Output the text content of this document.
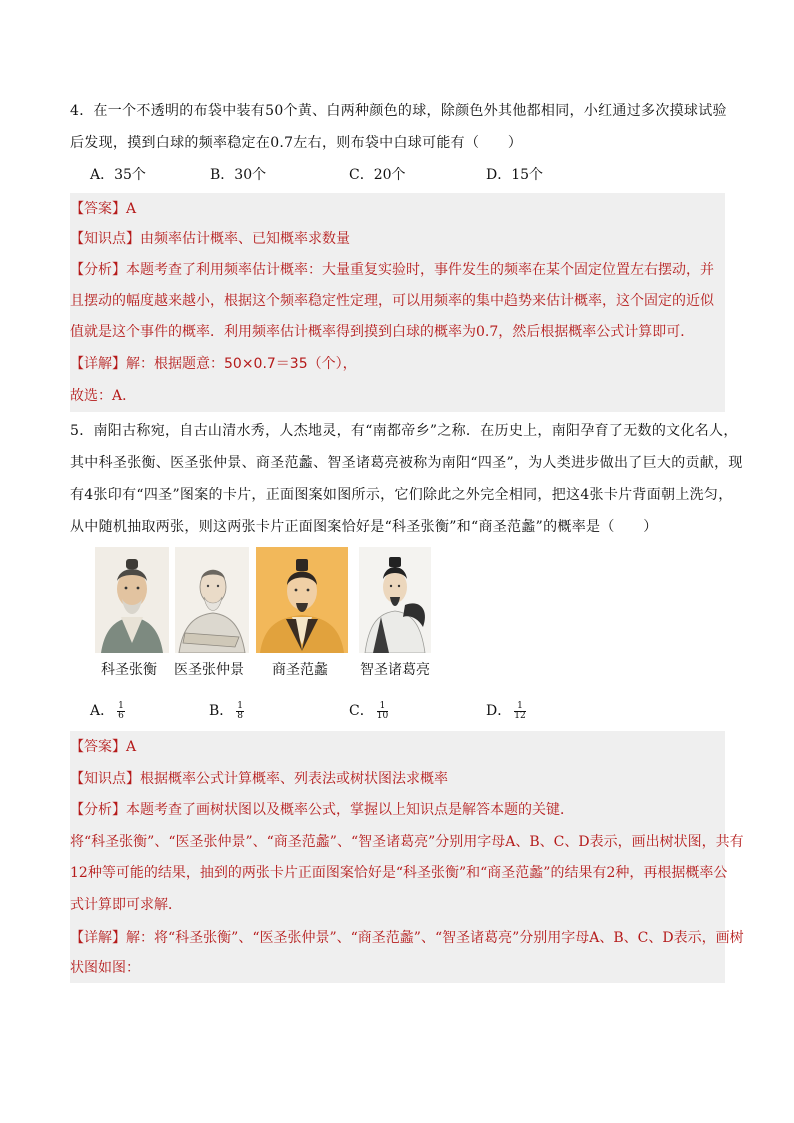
4．在一个不透明的布袋中装有50个黄、白两种颜色的球，除颜色外其他都相同，小红通过多次摸球试验
后发现，摸到白球的频率稳定在0.7左右，则布袋中白球可能有（　　）
A．35个	B．30个	C．20个	D．15个
【答案】A
【知识点】由频率估计概率、已知概率求数量
【分析】本题考查了利用频率估计概率：大量重复实验时，事件发生的频率在某个固定位置左右摆动，并
且摆动的幅度越来越小，根据这个频率稳定性定理，可以用频率的集中趋势来估计概率，这个固定的近似
值就是这个事件的概率．利用频率估计概率得到摸到白球的概率为0.7，然后根据概率公式计算即可．
【详解】解：根据题意：50×0.7＝35（个），
故选：A．
5．南阳古称宛，自古山清水秀，人杰地灵，有“南都帝乡”之称．在历史上，南阳孕育了无数的文化名人，
其中科圣张衡、医圣张仲景、商圣范蠡、智圣诸葛亮被称为南阳“四圣”，为人类进步做出了巨大的贡献，现
有4张印有“四圣”图案的卡片，正面图案如图所示，它们除此之外完全相同，把这4张卡片背面朝上洗匀，
从中随机抽取两张，则这两张卡片正面图案恰好是“科圣张衡”和“商圣范蠡”的概率是（　　）
科圣张衡 医圣张仲景 商圣范蠡 智圣诸葛亮
A． $\frac{1}{6}$	B． $\frac{1}{8}$	C． $\frac{1}{10}$	D． $\frac{1}{12}$
【答案】A
【知识点】根据概率公式计算概率、列表法或树状图法求概率
【分析】本题考查了画树状图以及概率公式，掌握以上知识点是解答本题的关键．
将“科圣张衡”、“医圣张仲景”、“商圣范蠡”、“智圣诸葛亮”分别用字母A、B、C、D表示，画出树状图，共有
12种等可能的结果，抽到的两张卡片正面图案恰好是“科圣张衡”和“商圣范蠡”的结果有2种，再根据概率公
式计算即可求解．
【详解】解：将“科圣张衡”、“医圣张仲景”、“商圣范蠡”、“智圣诸葛亮”分别用字母A、B、C、D表示，画树
状图如图：
